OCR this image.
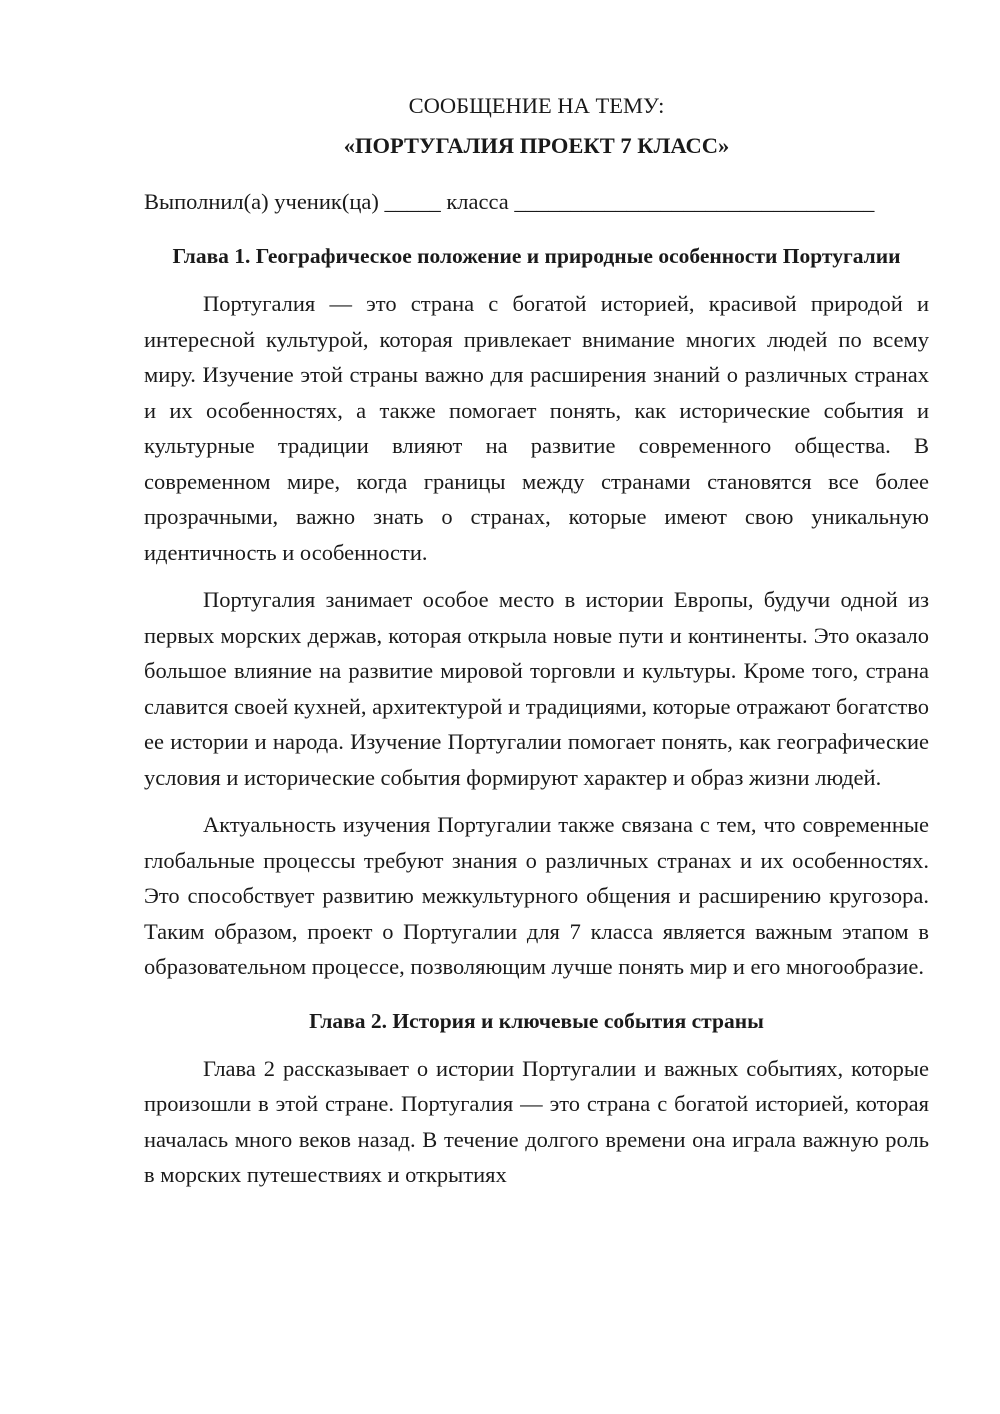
СООБЩЕНИЕ НА ТЕМУ:

«ПОРТУГАЛИЯ ПРОЕКТ 7 КЛАСС»

Выполнил(а) ученик(ца) _____ класса ________________________________

Глава 1. Географическое положение и природные особенности Португалии

Португалия — это страна с богатой историей, красивой природой и интересной культурой, которая привлекает внимание многих людей по всему миру. Изучение этой страны важно для расширения знаний о различных странах и их особенностях, а также помогает понять, как исторические события и культурные традиции влияют на развитие современного общества. В современном мире, когда границы между странами становятся все более прозрачными, важно знать о странах, которые имеют свою уникальную идентичность и особенности.

Португалия занимает особое место в истории Европы, будучи одной из первых морских держав, которая открыла новые пути и континенты. Это оказало большое влияние на развитие мировой торговли и культуры. Кроме того, страна славится своей кухней, архитектурой и традициями, которые отражают богатство ее истории и народа. Изучение Португалии помогает понять, как географические условия и исторические события формируют характер и образ жизни людей.

Актуальность изучения Португалии также связана с тем, что современные глобальные процессы требуют знания о различных странах и их особенностях. Это способствует развитию межкультурного общения и расширению кругозора. Таким образом, проект о Португалии для 7 класса является важным этапом в образовательном процессе, позволяющим лучше понять мир и его многообразие.

Глава 2. История и ключевые события страны

Глава 2 рассказывает о истории Португалии и важных событиях, которые произошли в этой стране. Португалия — это страна с богатой историей, которая началась много веков назад. В течение долгого времени она играла важную роль в морских путешествиях и открытиях
